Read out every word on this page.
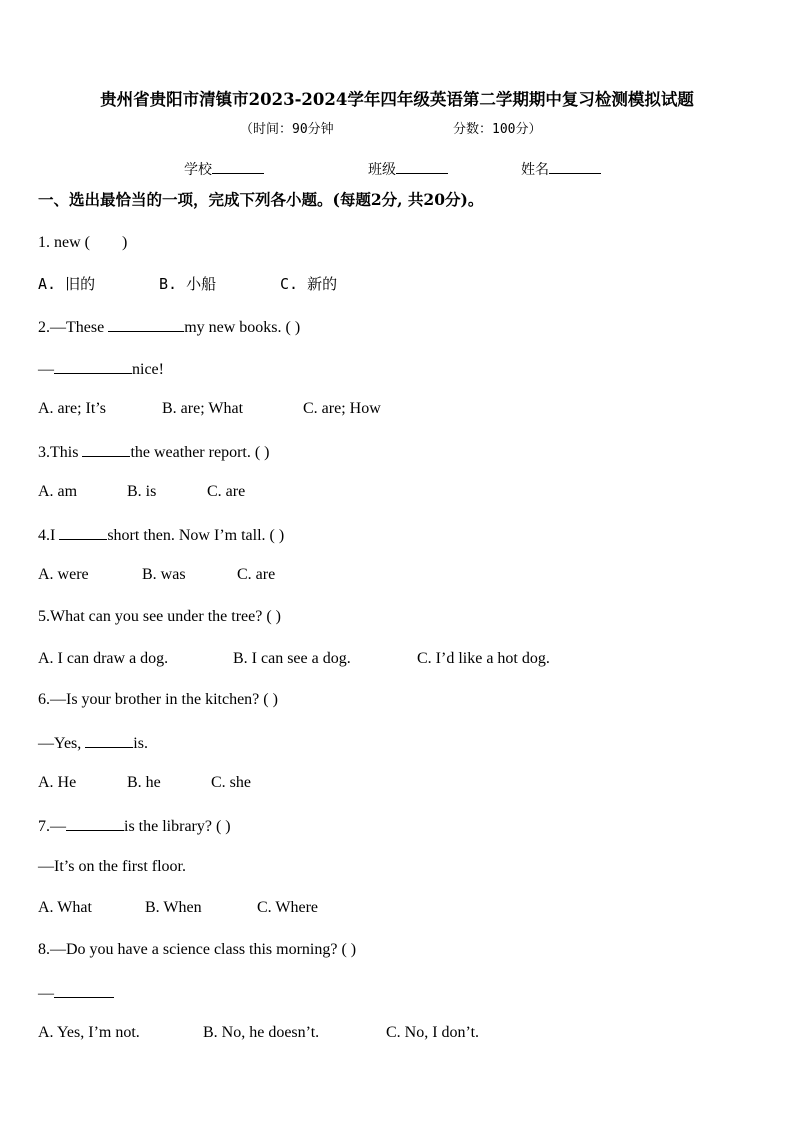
贵州省贵阳市清镇市2023-2024学年四年级英语第二学期期中复习检测模拟试题
（时间：90分钟	分数：100分）
学校	班级	姓名
一、选出最恰当的一项，完成下列各小题。(每题2分, 共20分)。
1. new (　　)
A. 旧的	B. 小船	C. 新的
2.—These	my new books. ( )
—	nice!
A. are; It’s	B. are; What	C. are; How
3.This	the weather report. ( )
A. am	B. is	C. are
4.I	short then. Now I’m tall. ( )
A. were	B. was	C. are
5.What can you see under the tree? ( )
A. I can draw a dog.	B. I can see a dog.	C. I’d like a hot dog.
6.—Is your brother in the kitchen? ( )
—Yes,	is.
A. He	B. he	C. she
7.—	is the library? ( )
—It’s on the first floor.
A. What	B. When	C. Where
8.—Do you have a science class this morning? ( )
—
A. Yes, I’m not.	B. No, he doesn’t.	C. No, I don’t.
